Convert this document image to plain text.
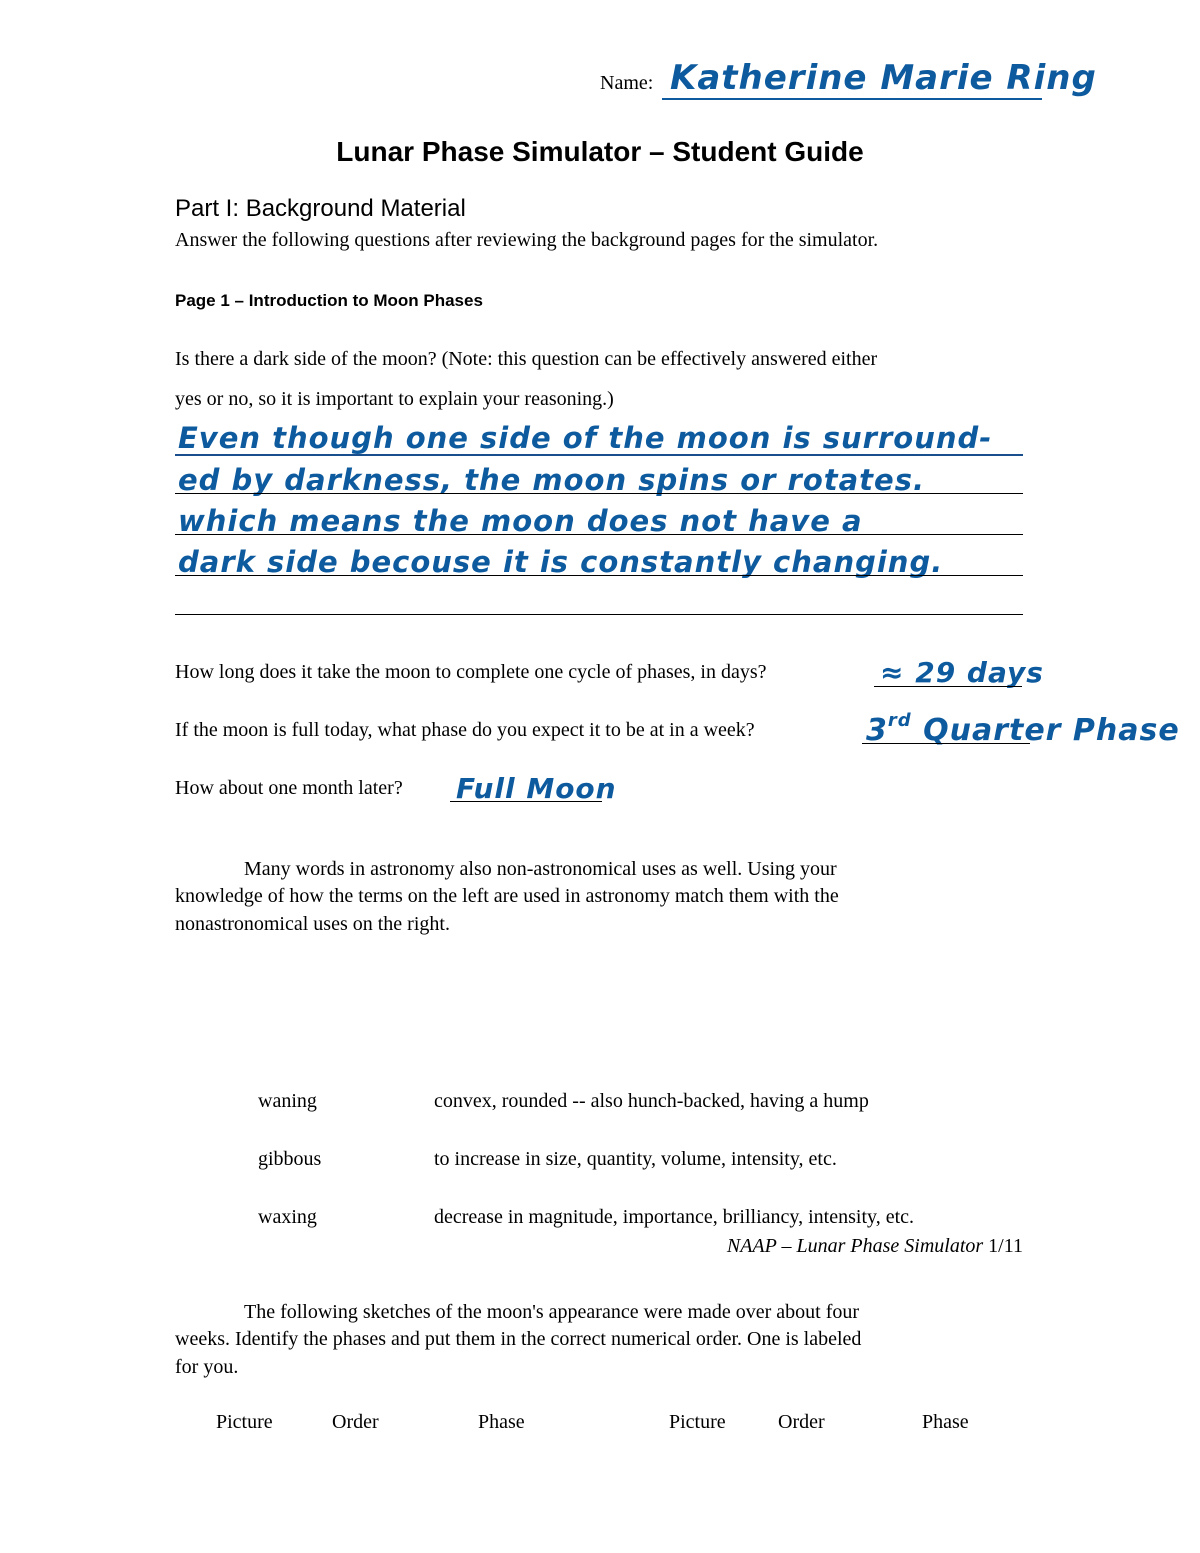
Name: Katherine Marie Ring
Lunar Phase Simulator – Student Guide
Part I: Background Material
Answer the following questions after reviewing the background pages for the simulator.
Page 1 – Introduction to Moon Phases
Is there a dark side of the moon? (Note: this question can be effectively answered either
yes or no, so it is important to explain your reasoning.)
Even though one side of the moon is surround-
ed by darkness, the moon spins or rotates.
which means the moon does not have a
dark side becouse it is constantly changing.
How long does it take the moon to complete one cycle of phases, in days?	≈ 29 days
If the moon is full today, what phase do you expect it to be at in a week?	3rd Quarter Phase
How about one month later? Full Moon
Many words in astronomy also non-astronomical uses as well. Using your
knowledge of how the terms on the left are used in astronomy match them with the
nonastronomical uses on the right.
waning	convex, rounded -- also hunch-backed, having a hump
gibbous	to increase in size, quantity, volume, intensity, etc.
waxing	decrease in magnitude, importance, brilliancy, intensity, etc.
NAAP – Lunar Phase Simulator 1/11
The following sketches of the moon's appearance were made over about four
weeks. Identify the phases and put them in the correct numerical order. One is labeled
for you.
Picture	Order	Phase	Picture	Order	Phase
